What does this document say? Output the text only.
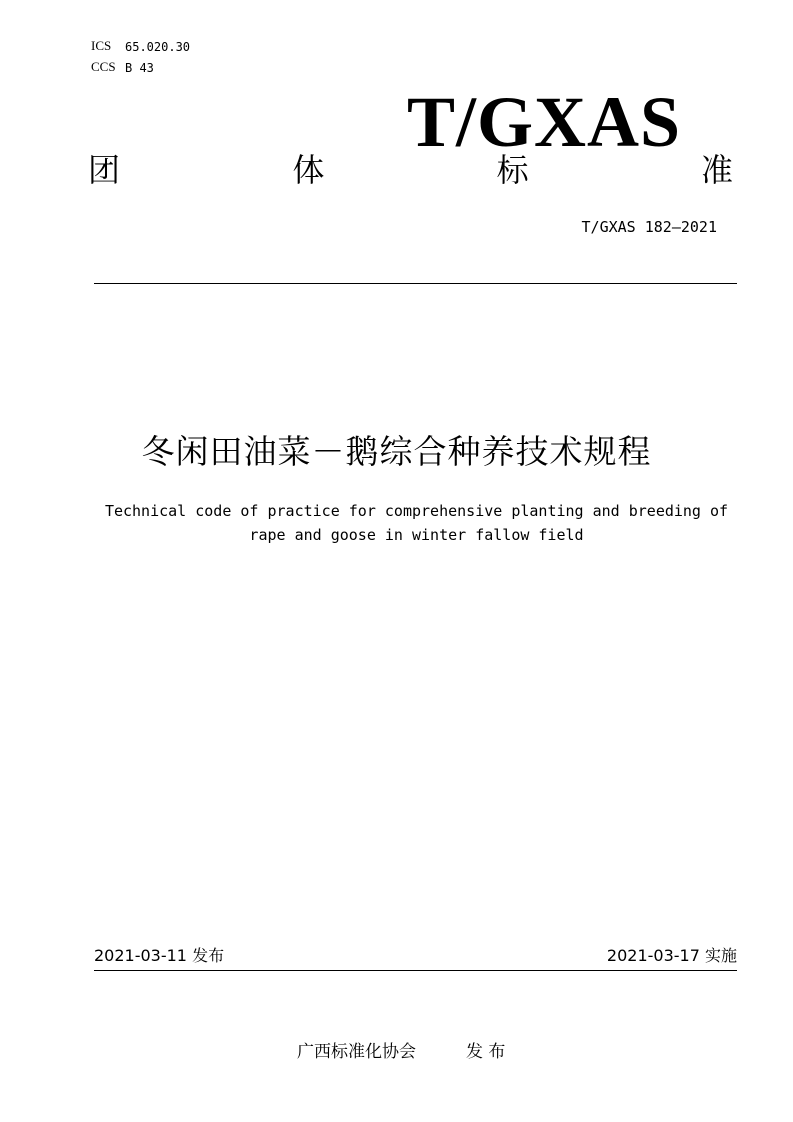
ICS 65.020.30
CCS B 43
T/GXAS
团	体	标	准
T/GXAS 182—2021
冬闲田油菜－鹅综合种养技术规程
Technical code of practice for comprehensive planting and breeding of
rape and goose in winter fallow field
2021-03-11 发布	2021-03-17 实施
广西标准化协会	发 布
